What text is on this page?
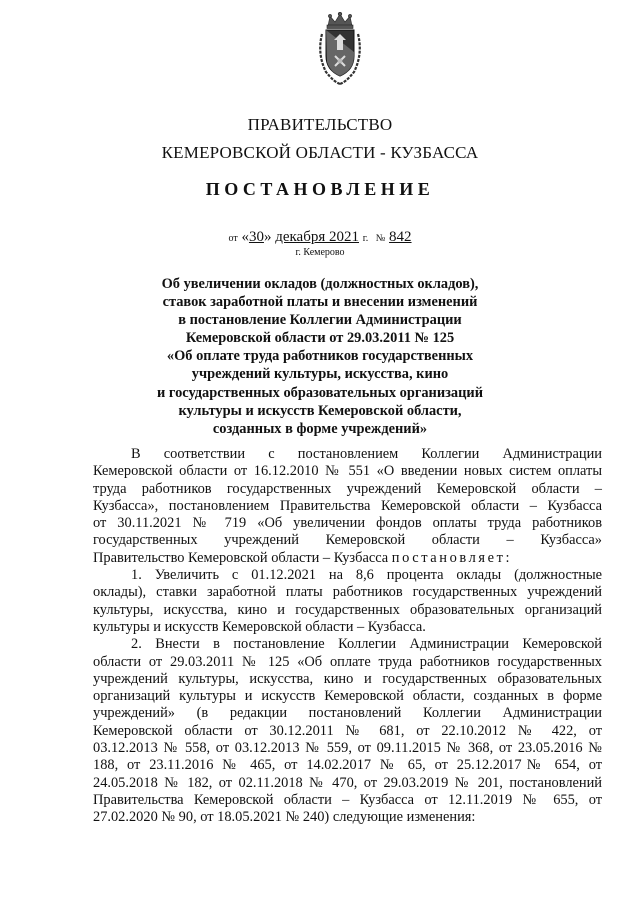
ПРАВИТЕЛЬСТВО
КЕМЕРОВСКОЙ ОБЛАСТИ - КУЗБАССА
ПОСТАНОВЛЕНИЕ
от «30» декабря 2021 г. № 842
г. Кемерово
Об увеличении окладов (должностных окладов),
ставок заработной платы и внесении изменений
в постановление Коллегии Администрации
Кемеровской области от 29.03.2011 № 125
«Об оплате труда работников государственных
учреждений культуры, искусства, кино
и государственных образовательных организаций
культуры и искусств Кемеровской области,
созданных в форме учреждений»
В соответствии с постановлением Коллегии Администрации
Кемеровской области от 16.12.2010 № 551 «О введении новых систем оплаты
труда работников государственных учреждений Кемеровской области –
Кузбасса», постановлением Правительства Кемеровской области – Кузбасса
от 30.11.2021 № 719 «Об увеличении фондов оплаты труда работников
государственных учреждений Кемеровской области – Кузбасса»
Правительство Кемеровской области – Кузбасса постановляет:
1. Увеличить с 01.12.2021 на 8,6 процента оклады (должностные
оклады), ставки заработной платы работников государственных учреждений
культуры, искусства, кино и государственных образовательных организаций
культуры и искусств Кемеровской области – Кузбасса.
2. Внести в постановление Коллегии Администрации Кемеровской
области от 29.03.2011 № 125 «Об оплате труда работников государственных
учреждений культуры, искусства, кино и государственных образовательных
организаций культуры и искусств Кемеровской области, созданных в форме
учреждений» (в редакции постановлений Коллегии Администрации
Кемеровской области от 30.12.2011 № 681, от 22.10.2012 № 422, от
03.12.2013 № 558, от 03.12.2013 № 559, от 09.11.2015 № 368, от 23.05.2016 №
188, от 23.11.2016 № 465, от 14.02.2017 № 65, от 25.12.2017№ 654, от
24.05.2018 № 182, от 02.11.2018 № 470, от 29.03.2019 № 201, постановлений
Правительства Кемеровской области – Кузбасса от 12.11.2019 № 655, от
27.02.2020 № 90, от 18.05.2021 № 240) следующие изменения:
